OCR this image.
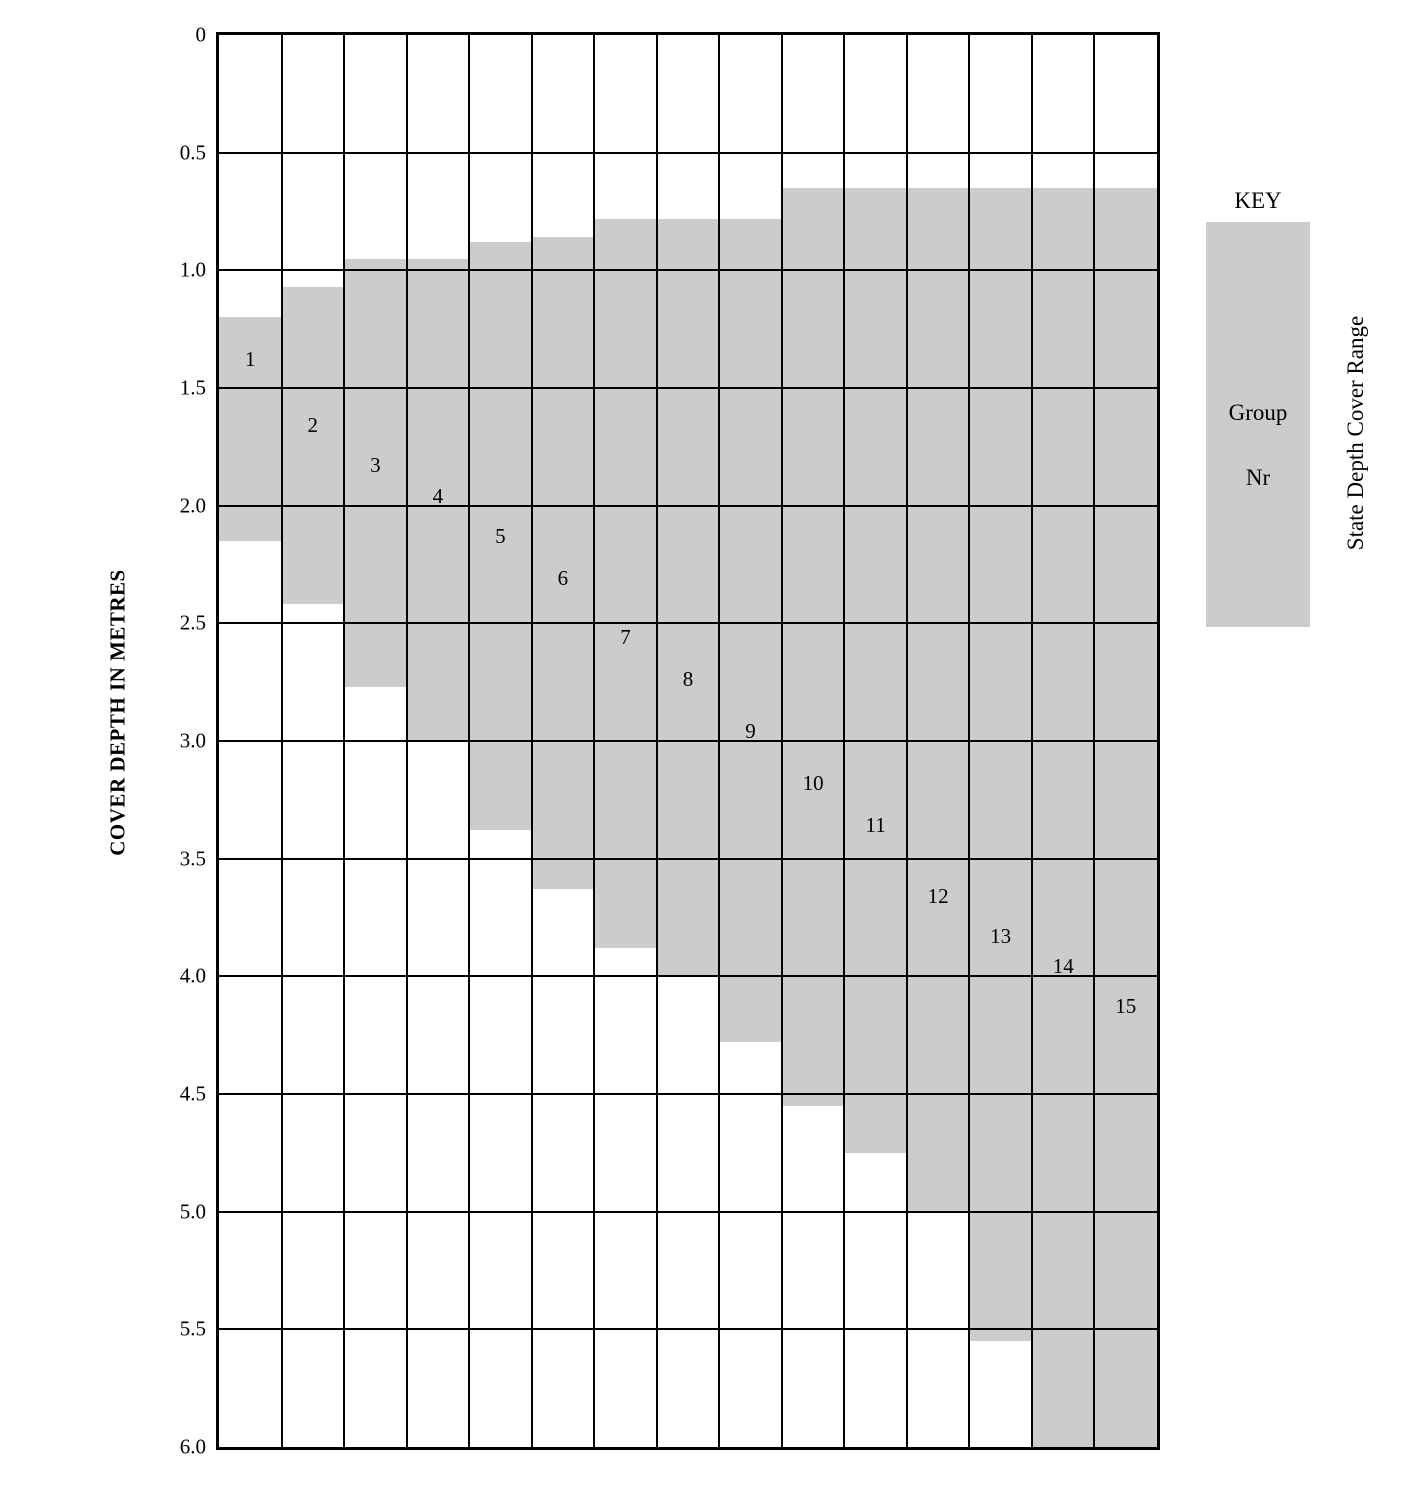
COVER DEPTH IN METRES
0
0.5
1.0
1.5
2.0
2.5
3.0
3.5
4.0
4.5
5.0
5.5
6.0
1
2
3
4
5
6
7
8
9
10
11
12
13
14
15
KEY
Group
Nr	State Depth Cover Range
